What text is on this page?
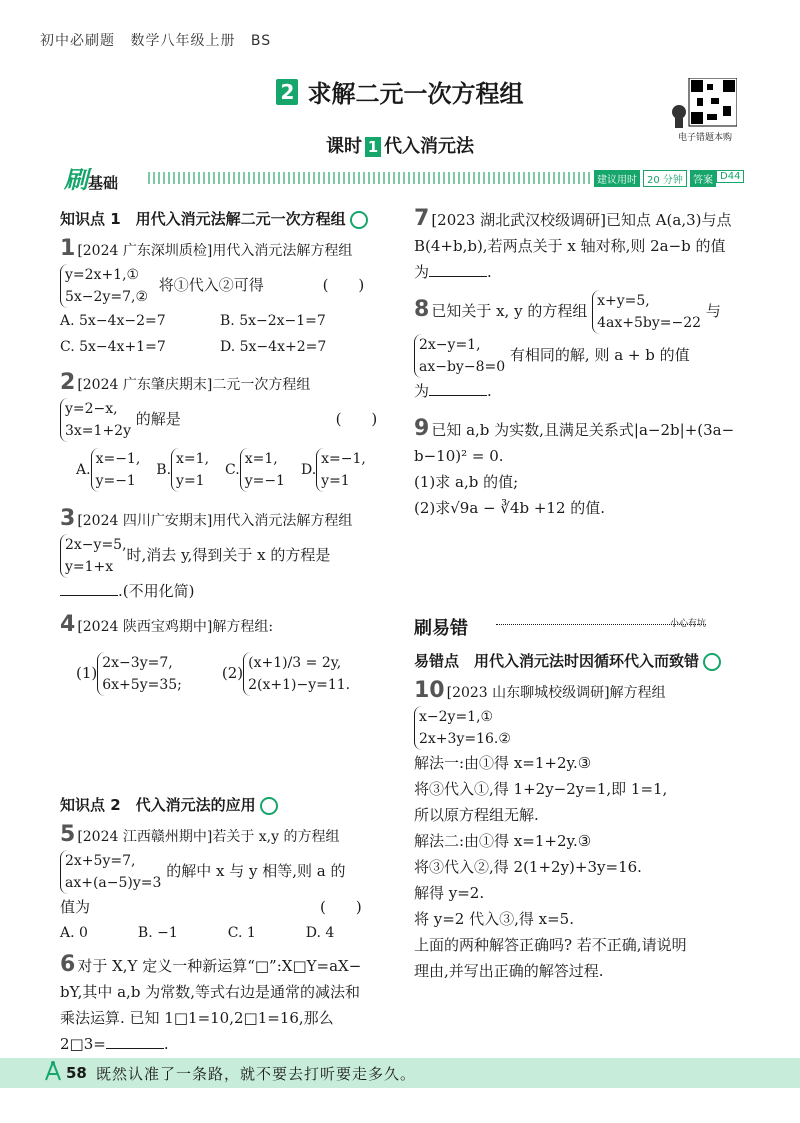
初中必刷题 数学八年级上册 BS
2 求解二元一次方程组
电子错题本购
课时 1 代入消元法
刷基础	建议用时	20 分钟	答案 D44
知识点 1　用代入消元法解二元一次方程组
1 [2024 广东深圳质检]用代入消元法解方程组
y=2x+1,①
5x−2y=7,② 将①代入②可得	(　　)
A. 5x−4x−2=7	B. 5x−2x−1=7
C. 5x−4x+1=7	D. 5x−4x+2=7
2 [2024 广东肇庆期末]二元一次方程组
y=2−x,
3x=1+2y 的解是	(　　)
A.x=−1,
y=−1
B.x=1,
y=1
C.x=1,
y=−1
D.x=−1,
y=1
3 [2024 四川广安期末]用代入消元法解方程组
2x−y=5,
y=1+x时,消去 y,得到关于 x 的方程是
.(不用化简)
4 [2024 陕西宝鸡期中]解方程组:
(1)2x−3y=7,
6x+5y=35;
(2)(x+1)/3 = 2y,
2(x+1)−y=11.
知识点 2　代入消元法的应用
5 [2024 江西赣州期中]若关于 x,y 的方程组
2x+5y=7,
ax+(a−5)y=3 的解中 x 与 y 相等,则 a 的
值为	(　　)
A. 0	B. −1	C. 1	D. 4
6 对于 X,Y 定义一种新运算“□”:X□Y=aX−
bY,其中 a,b 为常数,等式右边是通常的减法和
乘法运算. 已知 1□1=10,2□1=16,那么
2□3=	.
7 [2023 湖北武汉校级调研]已知点 A(a,3)与点
B(4+b,b),若两点关于 x 轴对称,则 2a−b 的值
为	.
8 已知关于 x, y 的方程组 x+y=5,
4ax+5by=−22 与
2x−y=1,
ax−by−8=0 有相同的解, 则 a + b 的值
为	.
9 已知 a,b 为实数,且满足关系式|a−2b|+(3a−
b−10)² = 0.
(1)求 a,b 的值;
(2)求√9a − ∛4b +12 的值.
刷易错	小心有坑
易错点　用代入消元法时因循环代入而致错
10 [2023 山东聊城校级调研]解方程组
x−2y=1,①
2x+3y=16.②
解法一:由①得 x=1+2y.③
将③代入①,得 1+2y−2y=1,即 1=1,
所以原方程组无解.
解法二:由①得 x=1+2y.③
将③代入②,得 2(1+2y)+3y=16.
解得 y=2.
将 y=2 代入③,得 x=5.
上面的两种解答正确吗? 若不正确,请说明
理由,并写出正确的解答过程.
58 既然认准了一条路，就不要去打听要走多久。
